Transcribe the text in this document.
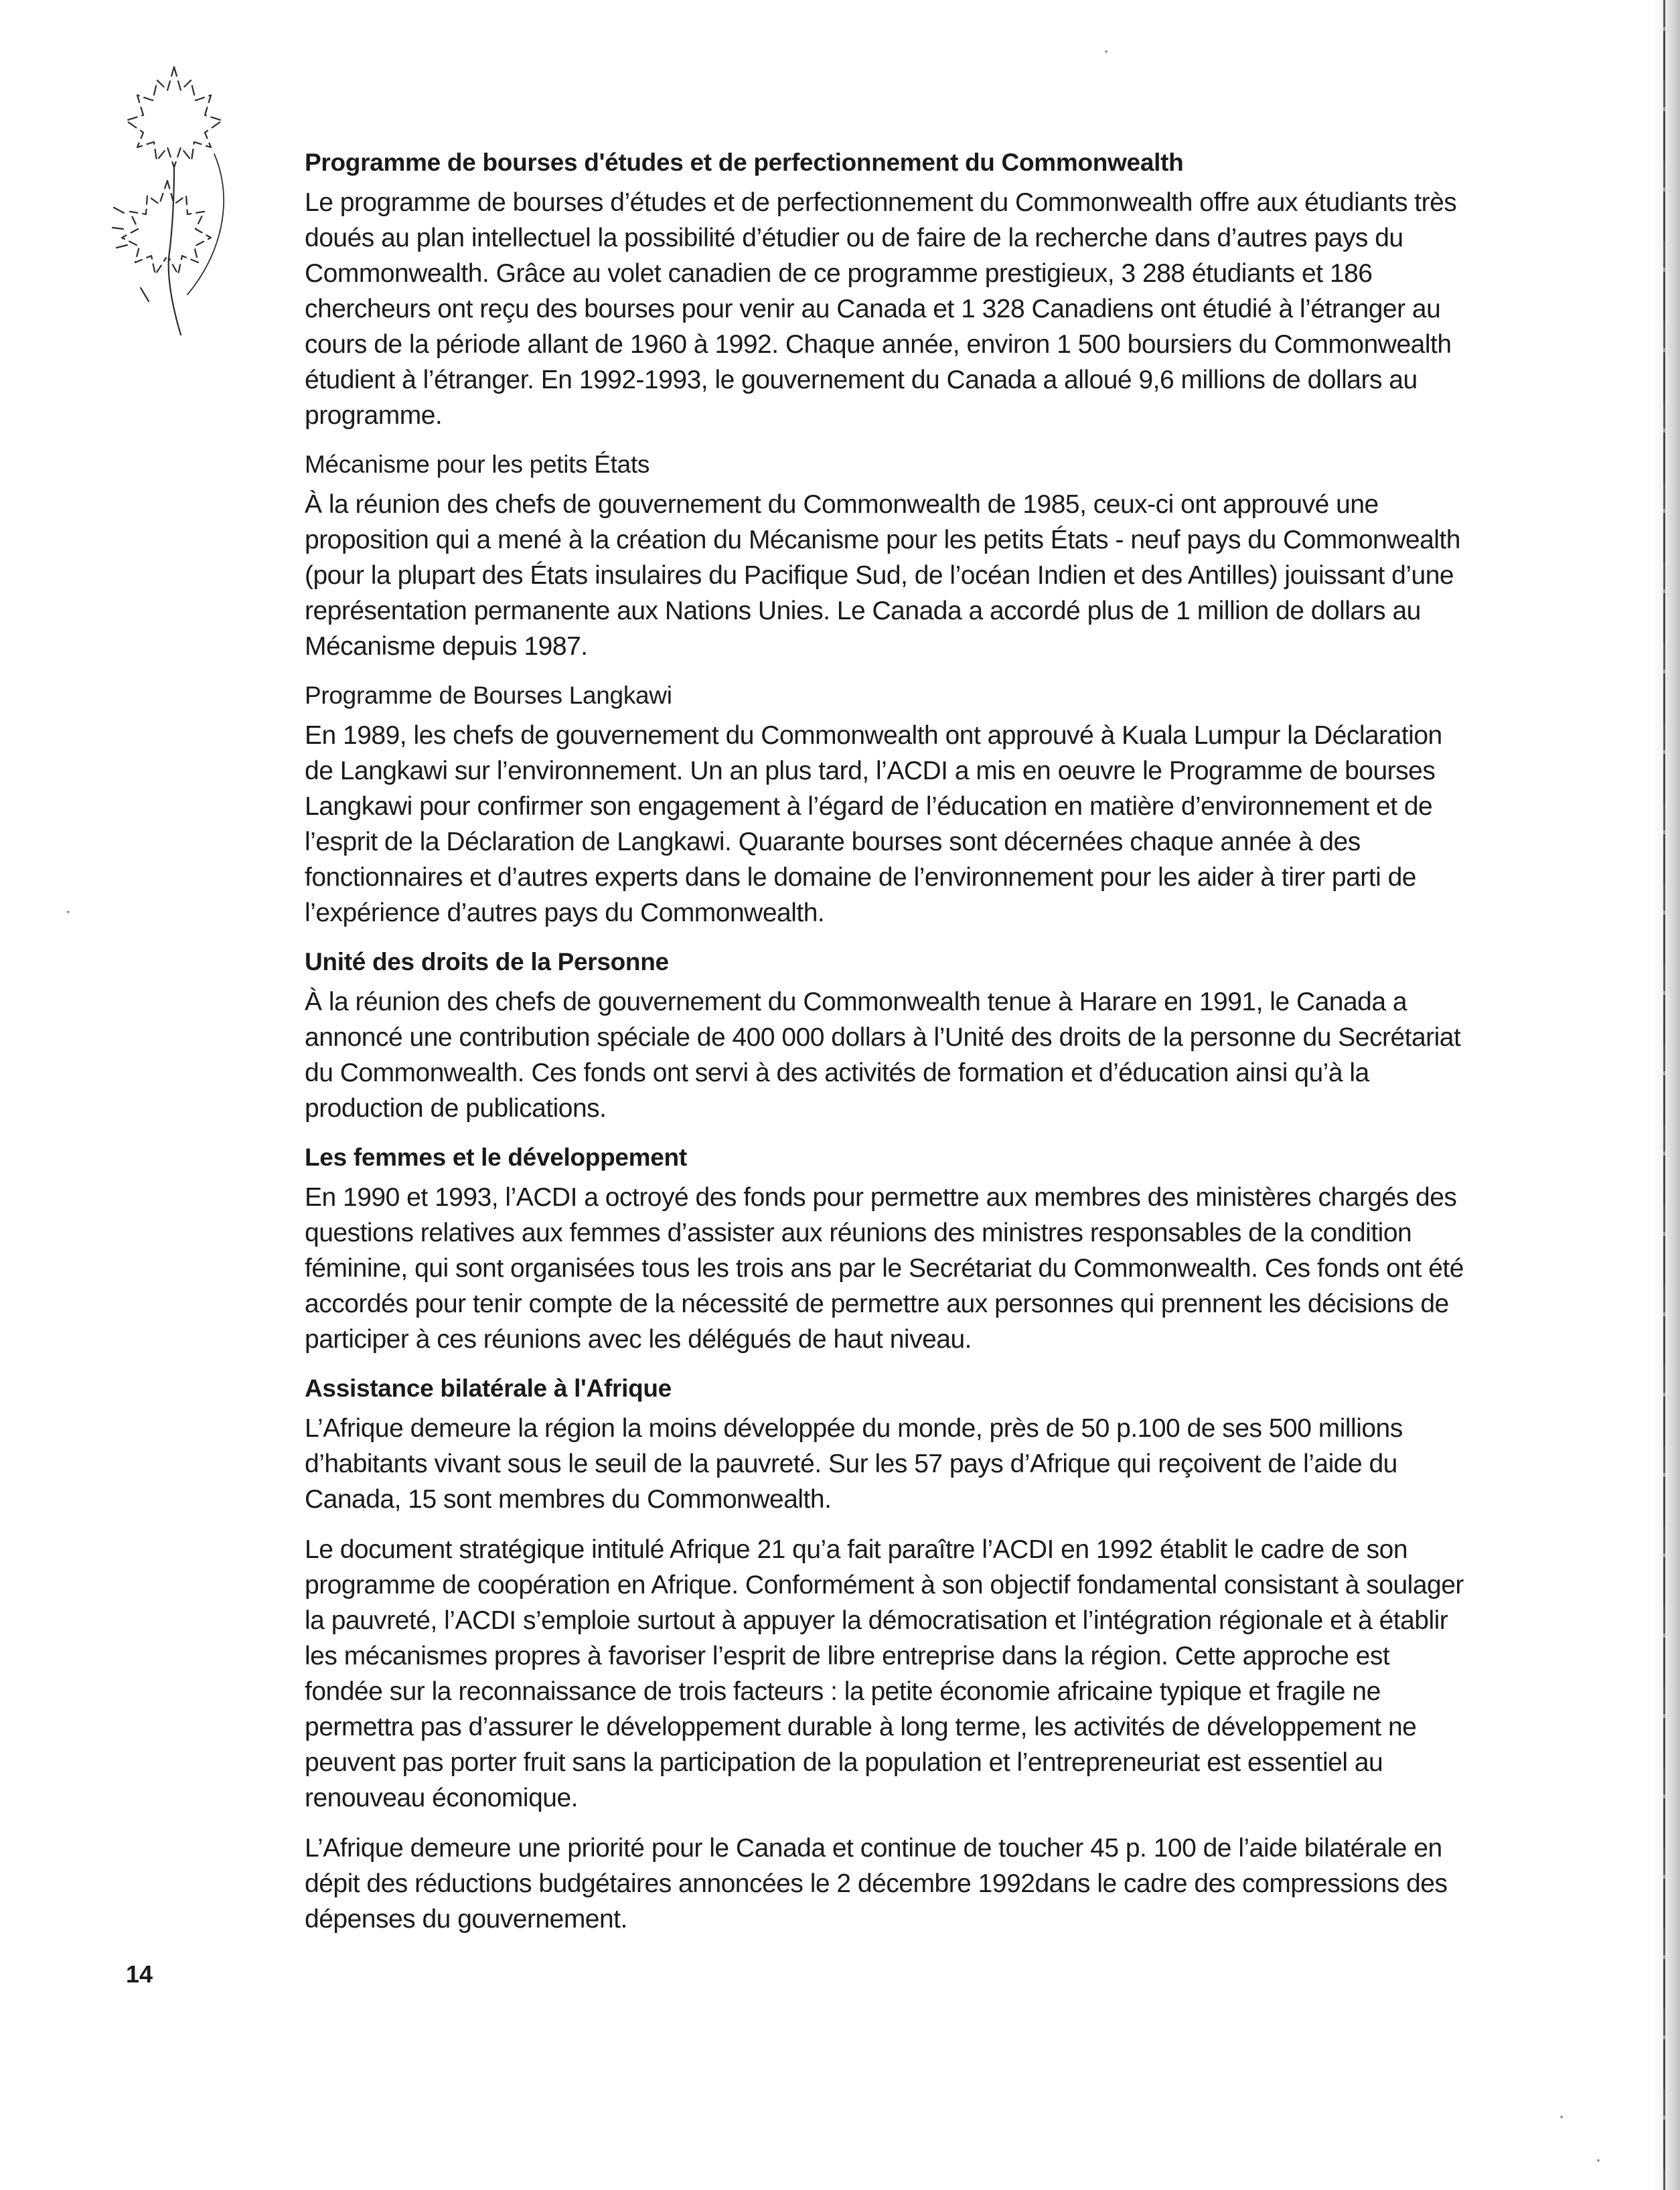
Programme de bourses d'études et de perfectionnement du Commonwealth

Le programme de bourses d’études et de perfectionnement du Commonwealth offre aux étudiants très doués au plan intellectuel la possibilité d’étudier ou de faire de la recherche dans d’autres pays du Commonwealth. Grâce au volet canadien de ce programme prestigieux, 3 288 étudiants et 186 chercheurs ont reçu des bourses pour venir au Canada et 1 328 Canadiens ont étudié à l’étranger au cours de la période allant de 1960 à 1992. Chaque année, environ 1 500 boursiers du Commonwealth étudient à l’étranger. En 1992-1993, le gouvernement du Canada a alloué 9,6 millions de dollars au programme.

Mécanisme pour les petits États

À la réunion des chefs de gouvernement du Commonwealth de 1985, ceux-ci ont approuvé une proposition qui a mené à la création du Mécanisme pour les petits États - neuf pays du Commonwealth (pour la plupart des États insulaires du Pacifique Sud, de l’océan Indien et des Antilles) jouissant d’une représentation permanente aux Nations Unies. Le Canada a accordé plus de 1 million de dollars au Mécanisme depuis 1987.

Programme de Bourses Langkawi

En 1989, les chefs de gouvernement du Commonwealth ont approuvé à Kuala Lumpur la Déclaration de Langkawi sur l’environnement. Un an plus tard, l’ACDI a mis en oeuvre le Programme de bourses Langkawi pour confirmer son engagement à l’égard de l’éducation en matière d’environnement et de l’esprit de la Déclaration de Langkawi. Quarante bourses sont décernées chaque année à des fonctionnaires et d’autres experts dans le domaine de l’environnement pour les aider à tirer parti de l’expérience d’autres pays du Commonwealth.

Unité des droits de la Personne

À la réunion des chefs de gouvernement du Commonwealth tenue à Harare en 1991, le Canada a annoncé une contribution spéciale de 400 000 dollars à l’Unité des droits de la personne du Secrétariat du Commonwealth. Ces fonds ont servi à des activités de formation et d’éducation ainsi qu’à la production de publications.

Les femmes et le développement

En 1990 et 1993, l’ACDI a octroyé des fonds pour permettre aux membres des ministères chargés des questions relatives aux femmes d’assister aux réunions des ministres responsables de la condition féminine, qui sont organisées tous les trois ans par le Secrétariat du Commonwealth. Ces fonds ont été accordés pour tenir compte de la nécessité de permettre aux personnes qui prennent les décisions de participer à ces réunions avec les délégués de haut niveau.

Assistance bilatérale à l'Afrique

L’Afrique demeure la région la moins développée du monde, près de 50 p.100 de ses 500 millions d’habitants vivant sous le seuil de la pauvreté. Sur les 57 pays d’Afrique qui reçoivent de l’aide du Canada, 15 sont membres du Commonwealth.

Le document stratégique intitulé Afrique 21 qu’a fait paraître l’ACDI en 1992 établit le cadre de son programme de coopération en Afrique. Conformément à son objectif fondamental consistant à soulager la pauvreté, l’ACDI s’emploie surtout à appuyer la démocratisation et l’intégration régionale et à établir les mécanismes propres à favoriser l’esprit de libre entreprise dans la région. Cette approche est fondée sur la reconnaissance de trois facteurs : la petite économie africaine typique et fragile ne permettra pas d’assurer le développement durable à long terme, les activités de développement ne peuvent pas porter fruit sans la participation de la population et l’entrepreneuriat est essentiel au renouveau économique.

L’Afrique demeure une priorité pour le Canada et continue de toucher 45 p. 100 de l’aide bilatérale en dépit des réductions budgétaires annoncées le 2 décembre 1992dans le cadre des compressions des dépenses du gouvernement.

14
